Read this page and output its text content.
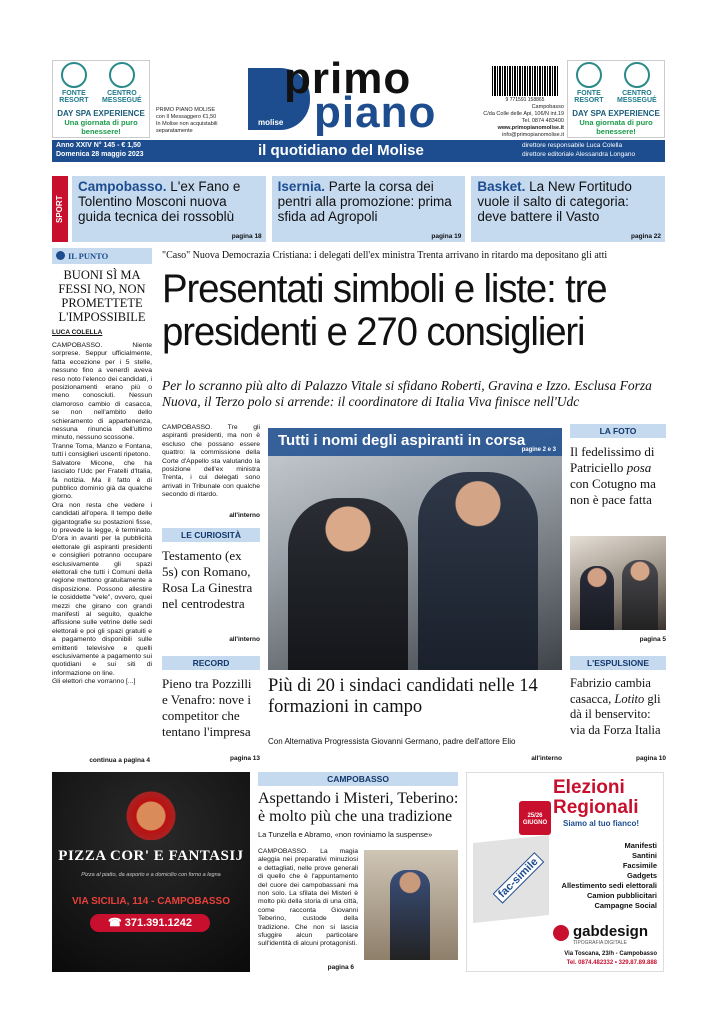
FONTE RESORT
CENTRO MESSEGUÉ
DAY SPA EXPERIENCE
Una giornata di puro benessere!
FONTE RESORT
CENTRO MESSEGUÉ
DAY SPA EXPERIENCE
Una giornata di puro benessere!
PRIMO PIANO MOLISE
con Il Messaggero €1,50
In Molise non acquistabili
separatamente
primo
piano
molise
9 771591 158865
Campobasso
C/da Colle delle Api, 106/N int.19
Tel. 0874 483400
www.primopianomolise.it
info@primopianomolise.it
Anno XXIV N° 145 - € 1,50
Domenica 28 maggio 2023	il quotidiano del Molise	direttore responsabile Luca Colella
direttore editoriale Alessandra Longano
SPORT
Campobasso. L'ex Fano e Tolentino Mosconi nuova guida tecnica dei rossoblù
pagina 18
Isernia. Parte la corsa dei pentri alla promozione: prima sfida ad Agropoli
pagina 19
Basket. La New Fortitudo vuole il salto di categoria: deve battere il Vasto
pagina 22
IL PUNTO
BUONI SÌ MA FESSI NO, NON PROMETTETE L'IMPOSSIBILE
LUCA COLELLA
CAMPOBASSO. Niente sorprese. Seppur ufficialmente, fatta eccezione per i 5 stelle, nessuno fino a venerdì aveva reso noto l'elenco dei candidati, i posizionamenti erano più o meno conosciuti. Nessun clamoroso cambio di casacca, se non nell'ambito dello schieramento di appartenenza, nessuna rinuncia dell'ultimo minuto, nessuno scossone.
Tranne Toma, Manzo e Fontana, tutti i consiglieri uscenti ripetono.
Salvatore Micone, che ha lasciato l'Udc per Fratelli d'Italia, fa notizia. Ma il fatto è di pubblico dominio già da qualche giorno.
Ora non resta che vedere i candidati all'opera. Il tempo delle gigantografie su postazioni fisse, lo prevede la legge, è terminato. D'ora in avanti per la pubblicità elettorale gli aspiranti presidenti e consiglieri potranno occupare esclusivamente gli spazi elettorali che tutti i Comuni della regione mettono gratuitamente a disposizione. Possono allestire le cosiddette "vele", ovvero, quei mezzi che girano con grandi manifesti al seguito, qualche affissione sulle vetrine delle sedi elettorali e poi gli spazi gratuiti e a pagamento disponibili sulle emittenti televisive e quelli esclusivamente a pagamento sui quotidiani e sui siti di informazione on line.
Gli elettori che vorranno [...]
continua a pagina 4
"Caso" Nuova Democrazia Cristiana: i delegati dell'ex ministra Trenta arrivano in ritardo ma depositano gli atti
Presentati simboli e liste: tre presidenti e 270 consiglieri
Per lo scranno più alto di Palazzo Vitale si sfidano Roberti, Gravina e Izzo. Esclusa Forza Nuova, il Terzo polo si arrende: il coordinatore di Italia Viva finisce nell'Udc
CAMPOBASSO. Tre gli aspiranti presidenti, ma non è escluso che possano essere quattro: la commissione della Corte d'Appello sta valutando la posizione dell'ex ministra Trenta, i cui delegati sono arrivati in Tribunale con qualche secondo di ritardo.
all'interno
Tutti i nomi degli aspiranti in corsa
pagine 2 e 3
Più di 20 i sindaci candidati nelle 14 formazioni in campo
Con Alternativa Progressista Giovanni Germano, padre dell'attore Elio
all'interno
LE CURIOSITÀ
Testamento (ex 5s) con Romano, Rosa La Ginestra nel centrodestra
all'interno
RECORD
Pieno tra Pozzilli e Venafro: nove i competitor che tentano l'impresa
pagina 13
LA FOTO
Il fedelissimo di Patriciello posa con Cotugno ma non è pace fatta
pagina 5
L'ESPULSIONE
Fabrizio cambia casacca, Lotito gli dà il benservito: via da Forza Italia
pagina 10
PIZZA COR' E FANTASIJ
Pizza al piatto, da asporto e a domicilio con forno a legna
VIA SICILIA, 114 - CAMPOBASSO
☎ 371.391.1242
CAMPOBASSO
Aspettando i Misteri, Teberino: è molto più che una tradizione
La Tunzella e Abramo, «non roviniamo la suspense»
CAMPOBASSO. La magia aleggia nei preparativi minuziosi e dettagliati, nelle prove generali di quello che è l'appuntamento del cuore dei campobassani ma non solo. La sfilata dei Misteri è molto più della storia di una città, come racconta Giovanni Teberino, custode della tradizione. Che non si lascia sfuggire alcun particolare sull'identità di alcuni protagonisti.
pagina 6
Elezioni
Regionali
Siamo al tuo fianco!
25/26 GIUGNO
fac-simile
Manifesti
Santini
Facsimile
Gadgets
Allestimento sedi elettorali
Camion pubblicitari
Campagne Social
gabdesign
TIPOGRAFIA DIGITALE
Via Toscana, 23/h - Campobasso
Tel. 0874.482332 • 329.87.89.888
